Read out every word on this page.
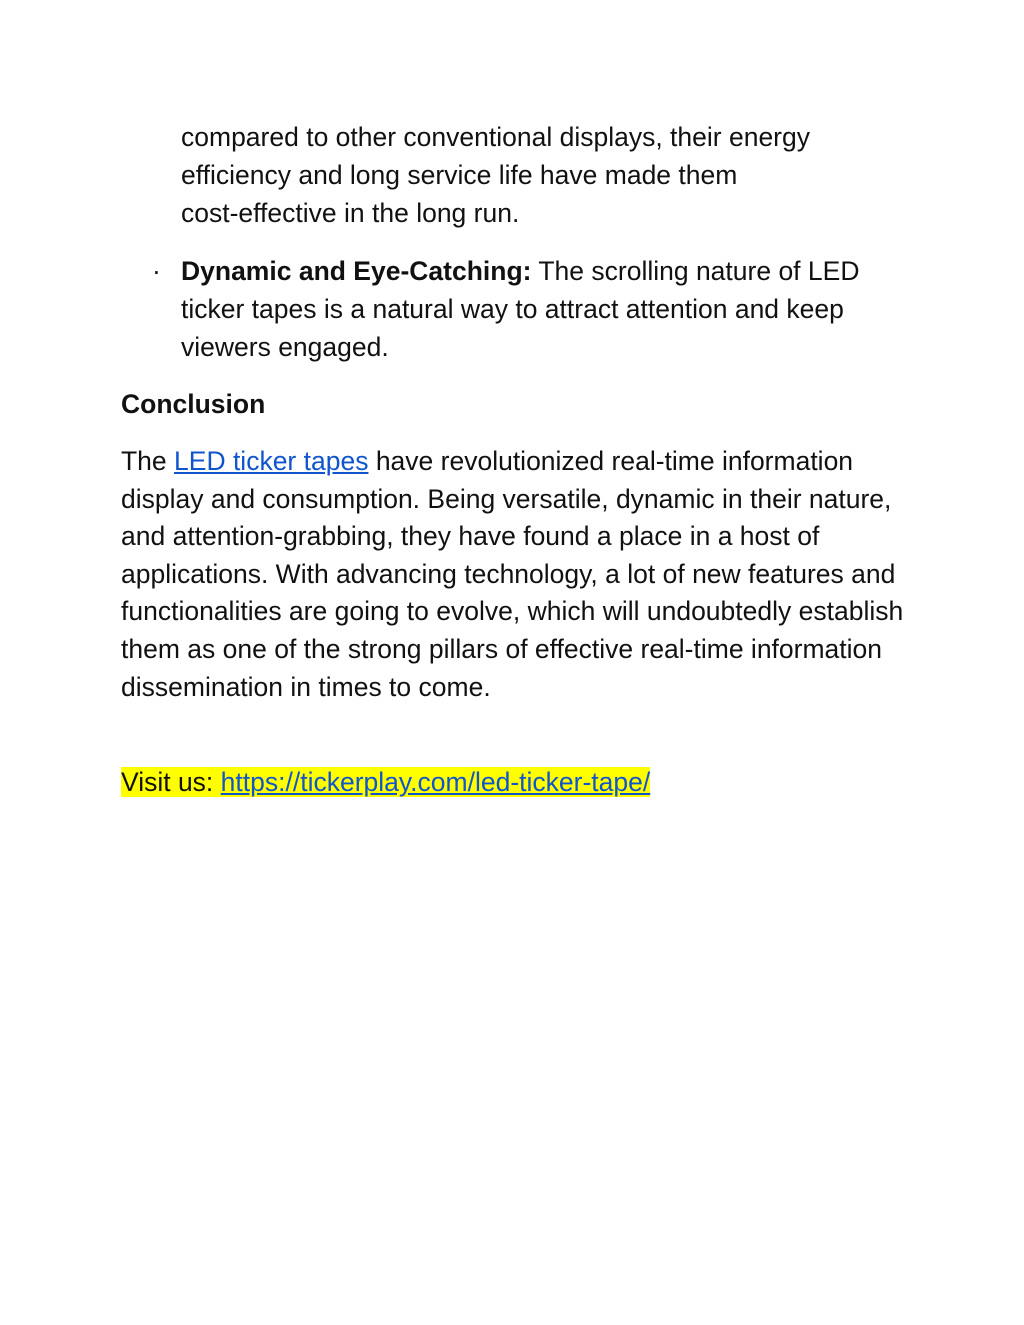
compared to other conventional displays, their energy
efficiency and long service life have made them
cost-effective in the long run.
· Dynamic and Eye-Catching: The scrolling nature of LED ticker tapes is a natural way to attract attention and keep viewers engaged.
Conclusion
The LED ticker tapes have revolutionized real-time information display and consumption. Being versatile, dynamic in their nature, and attention-grabbing, they have found a place in a host of applications. With advancing technology, a lot of new features and functionalities are going to evolve, which will undoubtedly establish them as one of the strong pillars of effective real-time information dissemination in times to come.
Visit us: https://tickerplay.com/led-ticker-tape/
